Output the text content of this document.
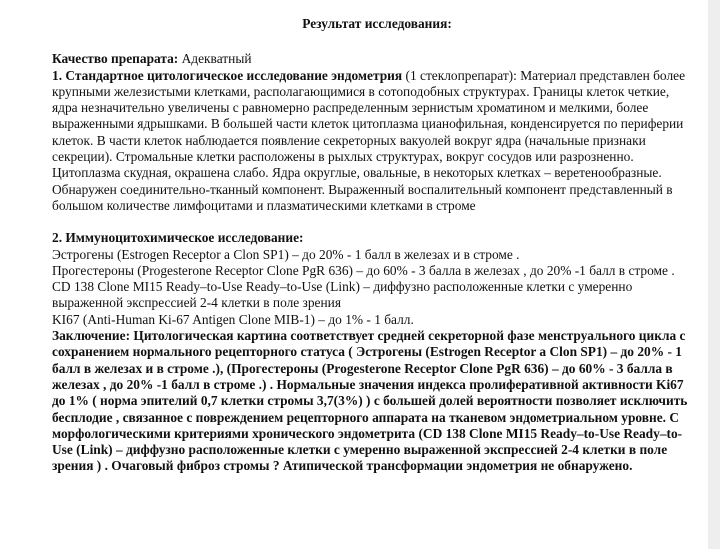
Результат исследования:

Качество препарата: Адекватный

1. Стандартное цитологическое исследование эндометрия (1 стеклопрепарат): Материал представлен более крупными железистыми клетками, располагающимися в сотоподобных структурах. Границы клеток четкие, ядра незначительно увеличены с равномерно распределенным зернистым хроматином и мелкими, более выраженными ядрышками. В большей части клеток цитоплазма цианофильная, конденсируется по периферии клеток. В части клеток наблюдается появление секреторных вакуолей вокруг ядра (начальные признаки секреции). Стромальные клетки расположены в рыхлых структурах, вокруг сосудов или разрозненно. Цитоплазма скудная, окрашена слабо. Ядра округлые, овальные, в некоторых клетках – веретенообразные. Обнаружен соединительно-тканный компонент. Выраженный воспалительный компонент представленный в большом количестве лимфоцитами и плазматическими клетками в строме

2. Иммуноцитохимическое исследование:

Эстрогены (Estrogen Receptor a Clon SP1) – до 20% - 1 балл в железах и в строме .

Прогестероны (Progesterone Receptor Clone PgR 636) – до 60% - 3 балла в железах , до 20% -1 балл в строме .

CD 138 Clone MI15 Ready–to-Use Ready–to-Use (Link) – диффузно расположенные клетки с умеренно выраженной экспрессией 2-4 клетки в поле зрения

KI67 (Anti-Human Ki-67 Antigen Clone MIB-1) – до 1% - 1 балл.

Заключение: Цитологическая картина соответствует средней секреторной фазе менструального цикла с сохранением нормального рецепторного статуса ( Эстрогены (Estrogen Receptor a Clon SP1) – до 20% - 1 балл в железах и в строме .), (Прогестероны (Progesterone Receptor Clone PgR 636) – до 60% - 3 балла в железах , до 20% -1 балл в строме .) . Нормальные значения индекса пролиферативной активности Ki67 до 1% ( норма эпителий 0,7 клетки стромы 3,7(3%) ) с большей долей вероятности позволяет исключить бесплодие , связанное с повреждением рецепторного аппарата на тканевом эндометриальном уровне. С морфологическими критериями хронического эндометрита (CD 138 Clone MI15 Ready–to-Use Ready–to-Use (Link) – диффузно расположенные клетки с умеренно выраженной экспрессией 2-4 клетки в поле зрения ) . Очаговый фиброз стромы ? Атипической трансформации эндометрия не обнаружено.
